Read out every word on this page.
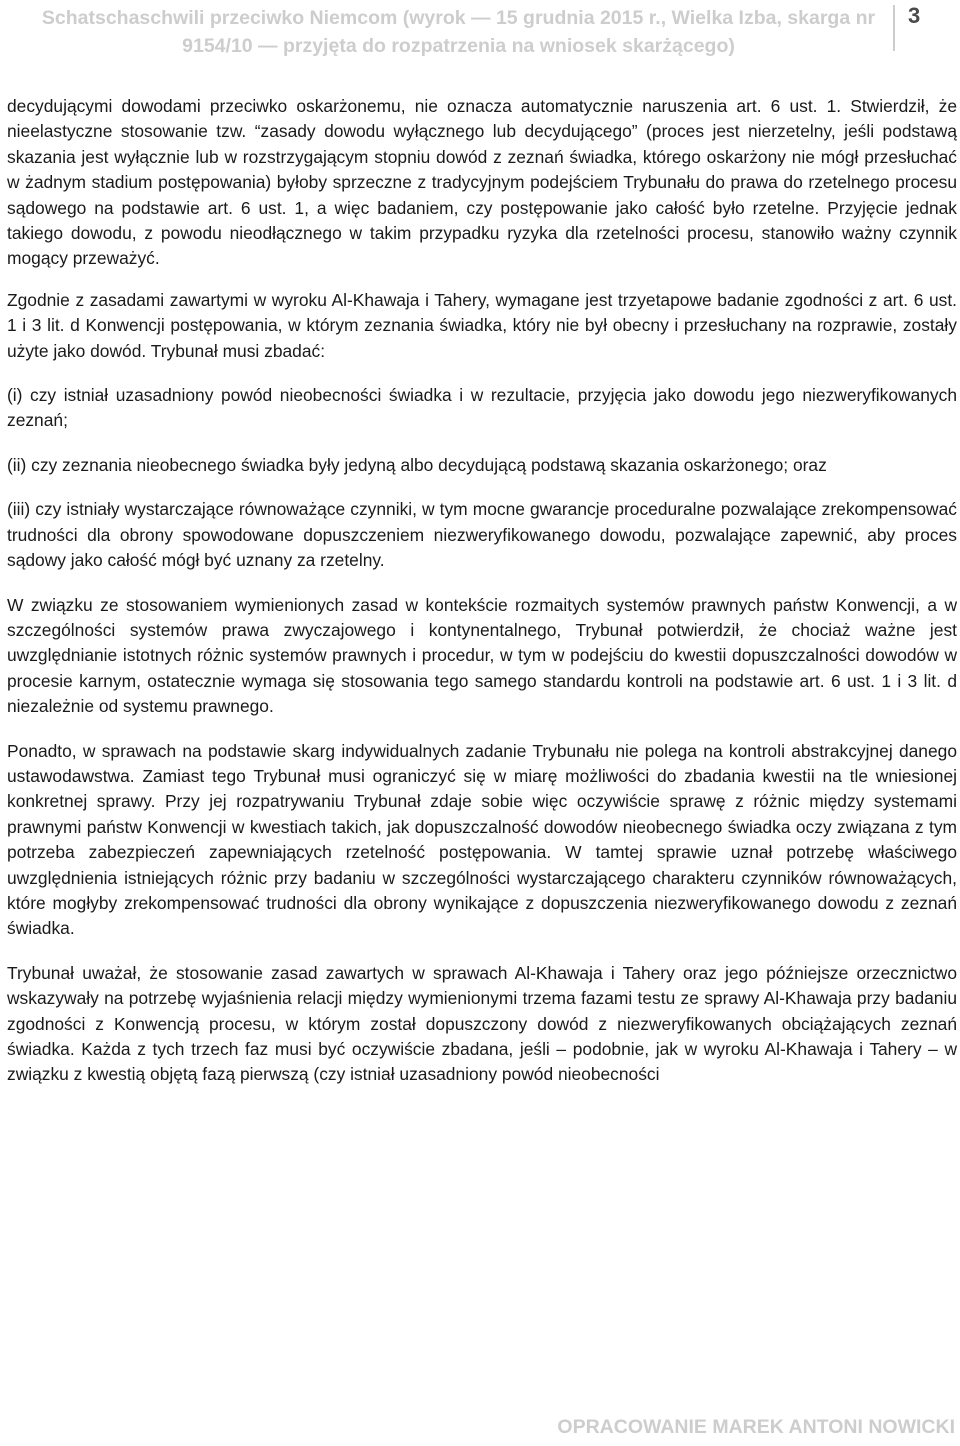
Schatschaschwili przeciwko Niemcom (wyrok — 15 grudnia 2015 r., Wielka Izba, skarga nr 9154/10 — przyjęta do rozpatrzenia na wniosek skarżącego)
3

decydującymi dowodami przeciwko oskarżonemu, nie oznacza automatycznie naruszenia art. 6 ust. 1. Stwierdził, że nieelastyczne stosowanie tzw. “zasady dowodu wyłącznego lub decydującego” (proces jest nierzetelny, jeśli podstawą skazania jest wyłącznie lub w rozstrzygającym stopniu dowód z zeznań świadka, którego oskarżony nie mógł przesłuchać w żadnym stadium postępowania) byłoby sprzeczne z tradycyjnym podejściem Trybunału do prawa do rzetelnego procesu sądowego na podstawie art. 6 ust. 1, a więc badaniem, czy postępowanie jako całość było rzetelne. Przyjęcie jednak takiego dowodu, z powodu nieodłącznego w takim przypadku ryzyka dla rzetelności procesu, stanowiło ważny czynnik mogący przeważyć.

Zgodnie z zasadami zawartymi w wyroku Al-Khawaja i Tahery, wymagane jest trzyetapowe badanie zgodności z art. 6 ust. 1 i 3 lit. d Konwencji postępowania, w którym zeznania świadka, który nie był obecny i przesłuchany na rozprawie, zostały użyte jako dowód. Trybunał musi zbadać:

(i) czy istniał uzasadniony powód nieobecności świadka i w rezultacie, przyjęcia jako dowodu jego niezweryfikowanych zeznań;

(ii) czy zeznania nieobecnego świadka były jedyną albo decydującą podstawą skazania oskarżonego; oraz

(iii) czy istniały wystarczające równoważące czynniki, w tym mocne gwarancje proceduralne pozwalające zrekompensować trudności dla obrony spowodowane dopuszczeniem niezweryfikowanego dowodu, pozwalające zapewnić, aby proces sądowy jako całość mógł być uznany za rzetelny.

W związku ze stosowaniem wymienionych zasad w kontekście rozmaitych systemów prawnych państw Konwencji, a w szczególności systemów prawa zwyczajowego i kontynentalnego, Trybunał potwierdził, że chociaż ważne jest uwzględnianie istotnych różnic systemów prawnych i procedur, w tym w podejściu do kwestii dopuszczalności dowodów w procesie karnym, ostatecznie wymaga się stosowania tego samego standardu kontroli na podstawie art. 6 ust. 1 i 3 lit. d niezależnie od systemu prawnego.

Ponadto, w sprawach na podstawie skarg indywidualnych zadanie Trybunału nie polega na kontroli abstrakcyjnej danego ustawodawstwa. Zamiast tego Trybunał musi ograniczyć się w miarę możliwości do zbadania kwestii na tle wniesionej konkretnej sprawy. Przy jej rozpatrywaniu Trybunał zdaje sobie więc oczywiście sprawę z różnic między systemami prawnymi państw Konwencji w kwestiach takich, jak dopuszczalność dowodów nieobecnego świadka oczy związana z tym potrzeba zabezpieczeń zapewniających rzetelność postępowania. W tamtej sprawie uznał potrzebę właściwego uwzględnienia istniejących różnic przy badaniu w szczególności wystarczającego charakteru czynników równoważących, które mogłyby zrekompensować trudności dla obrony wynikające z dopuszczenia niezweryfikowanego dowodu z zeznań świadka.

Trybunał uważał, że stosowanie zasad zawartych w sprawach Al-Khawaja i Tahery oraz jego późniejsze orzecznictwo wskazywały na potrzebę wyjaśnienia relacji między wymienionymi trzema fazami testu ze sprawy Al-Khawaja przy badaniu zgodności z Konwencją procesu, w którym został dopuszczony dowód z niezweryfikowanych obciążających zeznań świadka. Każda z tych trzech faz musi być oczywiście zbadana, jeśli – podobnie, jak w wyroku Al-Khawaja i Tahery – w związku z kwestią objętą fazą pierwszą (czy istniał uzasadniony powód nieobecności

OPRACOWANIE MAREK ANTONI NOWICKI
